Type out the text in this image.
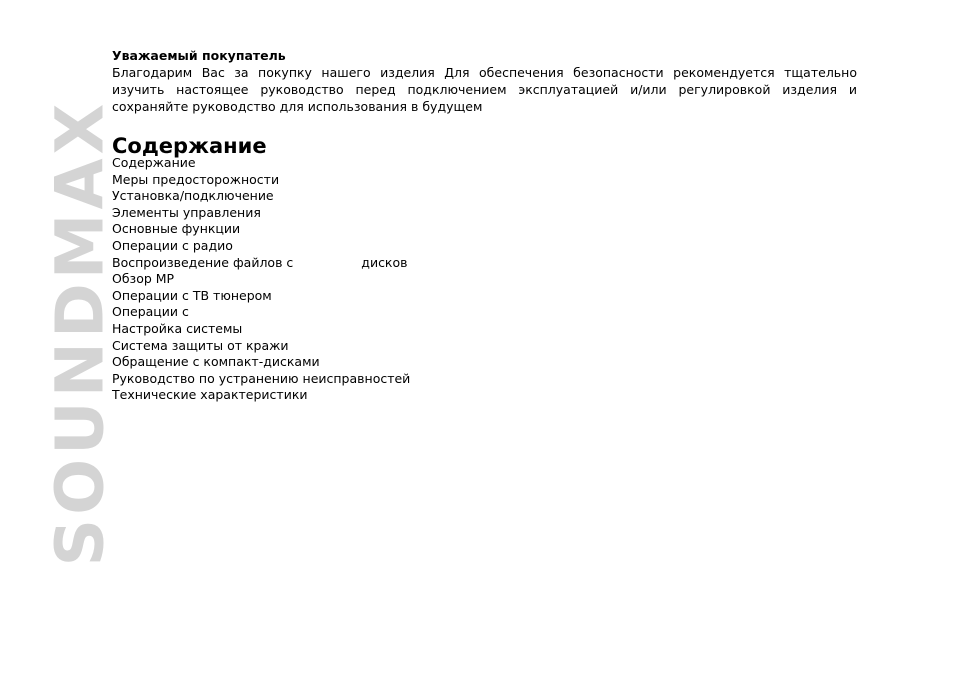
SOUNDMAX

Уважаемый покупатель

Благодарим Вас за покупку нашего изделия Для обеспечения безопасности рекомендуется тщательно изучить настоящее руководство перед подключением эксплуатацией и/или регулировкой изделия и сохраняйте руководство для использования в будущем

Содержание
Содержание
Меры предосторожности
Установка/подключение
Элементы управления
Основные функции
Операции с радио
Воспроизведение файлов с	дисков
Обзор MP
Операции с ТВ тюнером
Операции с
Настройка системы
Система защиты от кражи
Обращение с компакт-дисками
Руководство по устранению неисправностей
Технические характеристики
